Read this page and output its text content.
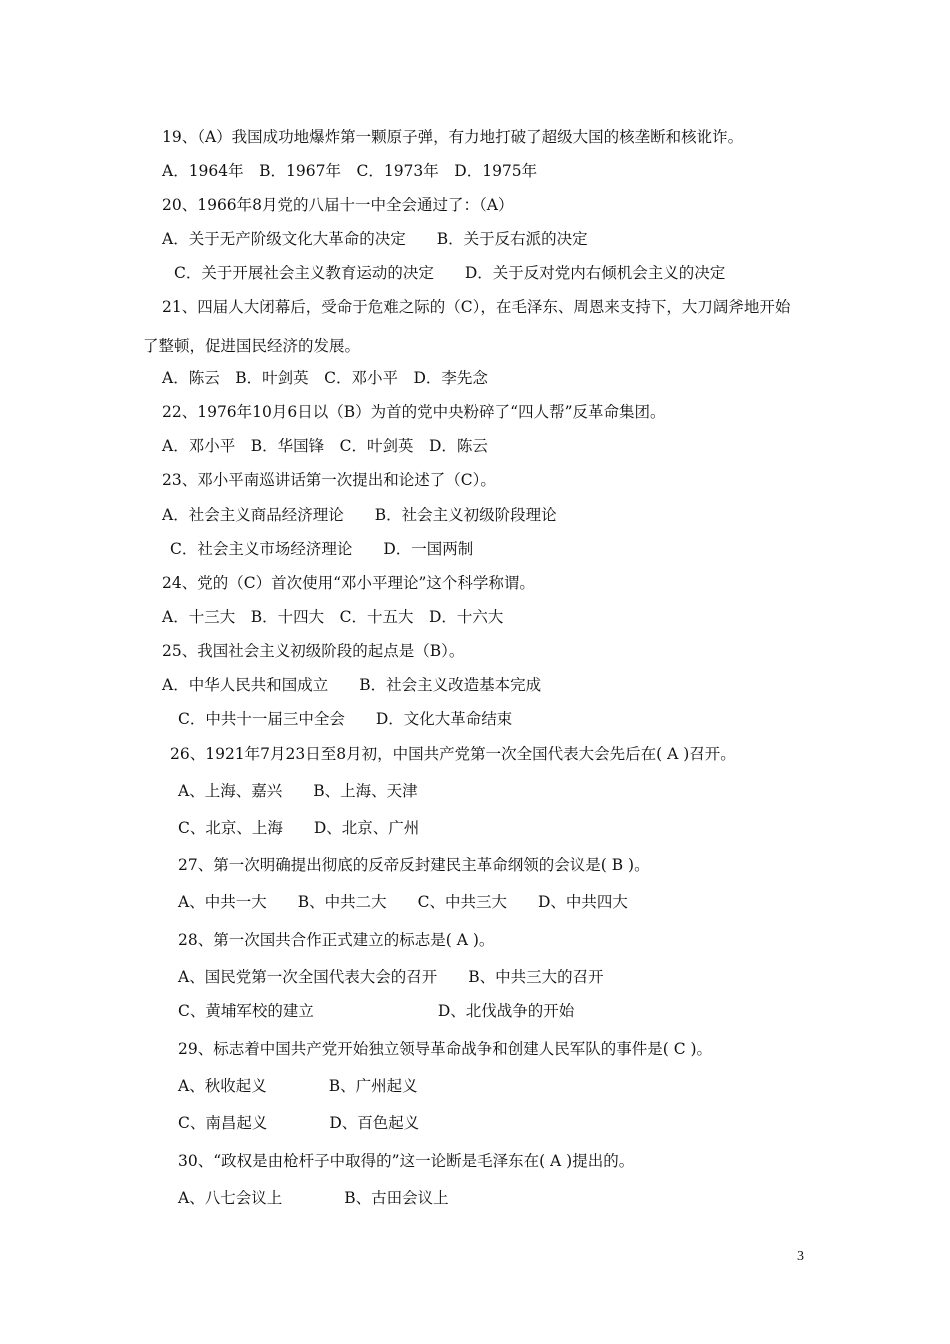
19、（A）我国成功地爆炸第一颗原子弹，有力地打破了超级大国的核垄断和核讹诈。
A．1964年　B．1967年　C．1973年　D．1975年
20、1966年8月党的八届十一中全会通过了：（A）
A．关于无产阶级文化大革命的决定　　B．关于反右派的决定
C．关于开展社会主义教育运动的决定　　D．关于反对党内右倾机会主义的决定
21、四届人大闭幕后，受命于危难之际的（C），在毛泽东、周恩来支持下，大刀阔斧地开始
了整顿，促进国民经济的发展。
A．陈云　B．叶剑英　C．邓小平　D．李先念
22、1976年10月6日以（B）为首的党中央粉碎了“四人帮”反革命集团。
A．邓小平　B．华国锋　C．叶剑英　D．陈云
23、邓小平南巡讲话第一次提出和论述了（C）。
A．社会主义商品经济理论　　B．社会主义初级阶段理论
C．社会主义市场经济理论　　D．一国两制
24、党的（C）首次使用“邓小平理论”这个科学称谓。
A．十三大　B．十四大　C．十五大　D．十六大
25、我国社会主义初级阶段的起点是（B）。
A．中华人民共和国成立　　B．社会主义改造基本完成
C．中共十一届三中全会　　D．文化大革命结束
26、1921年7月23日至8月初，中国共产党第一次全国代表大会先后在( A )召开。
A、上海、嘉兴　　B、上海、天津
C、北京、上海　　D、北京、广州
27、第一次明确提出彻底的反帝反封建民主革命纲领的会议是( B )。
A、中共一大　　B、中共二大　　C、中共三大　　D、中共四大
28、第一次国共合作正式建立的标志是( A )。
A、国民党第一次全国代表大会的召开　　B、中共三大的召开
C、黄埔军校的建立　　　　　　　　D、北伐战争的开始
29、标志着中国共产党开始独立领导革命战争和创建人民军队的事件是( C )。
A、秋收起义　　　　B、广州起义
C、南昌起义　　　　D、百色起义
30、“政权是由枪杆子中取得的”这一论断是毛泽东在( A )提出的。
A、八七会议上　　　　B、古田会议上
3
